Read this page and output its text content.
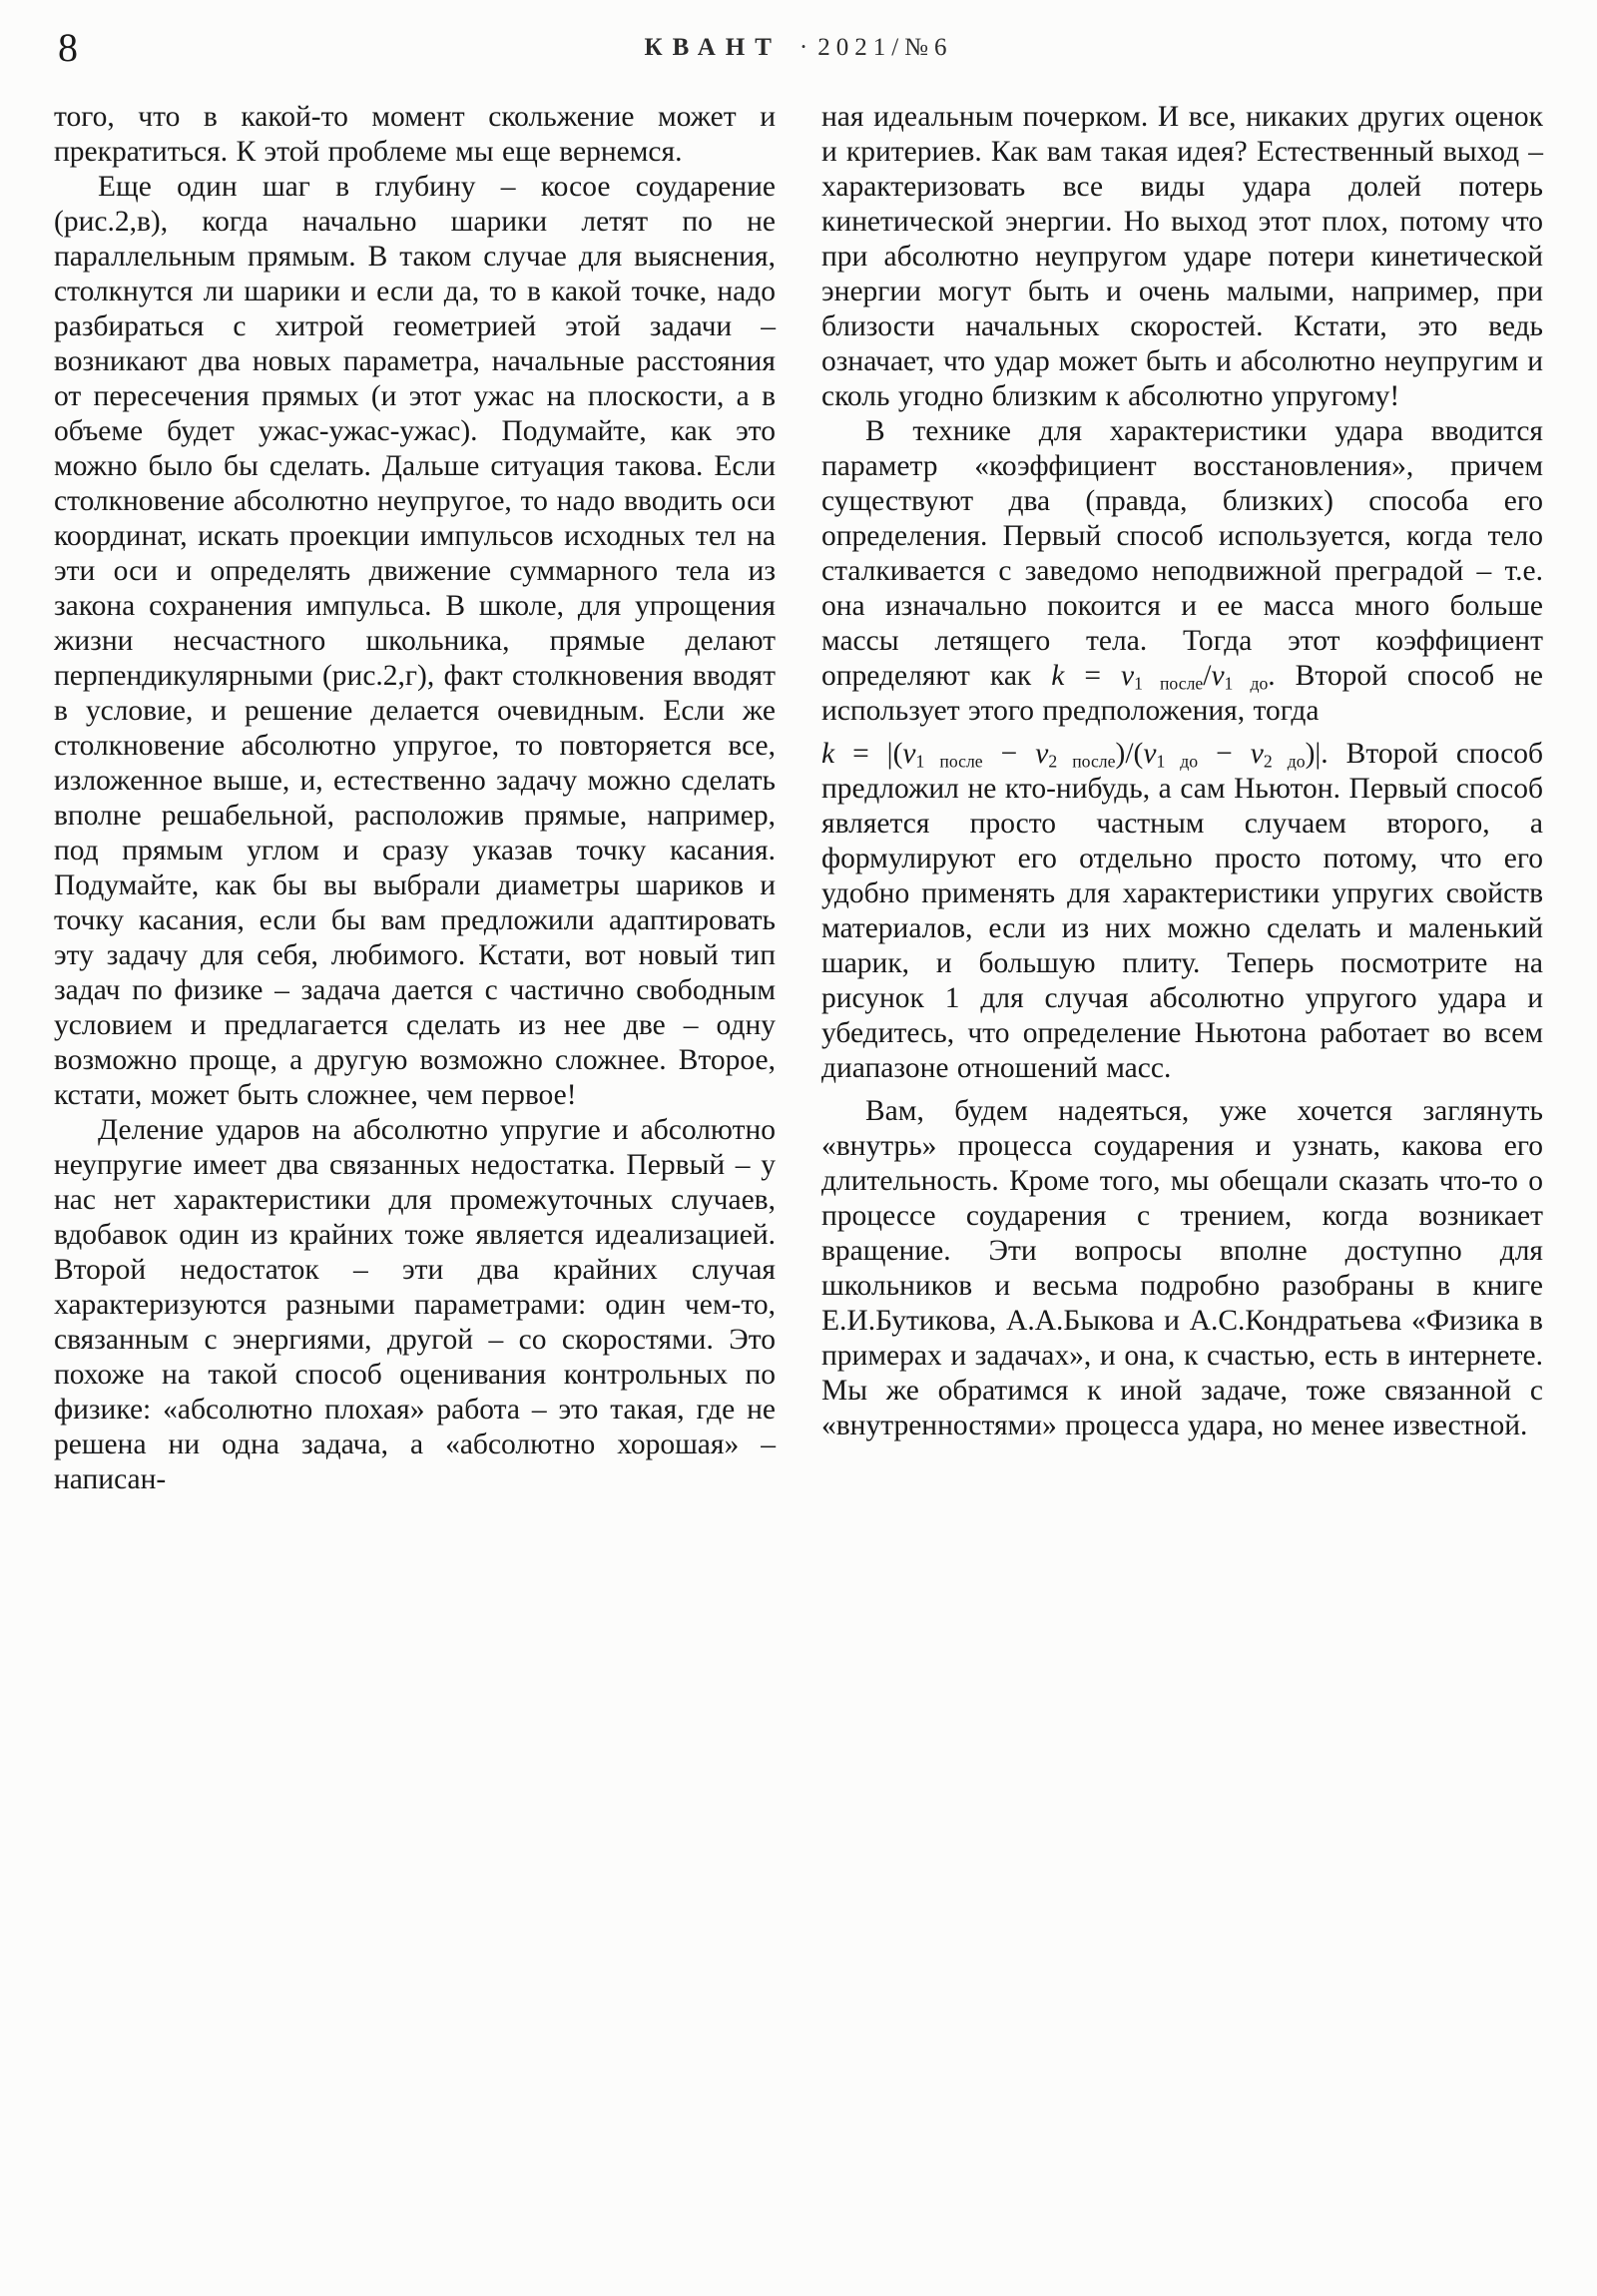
8	КВАНТ · 2021/№6

того, что в какой-то момент скольжение может и прекратиться. К этой проблеме мы еще вернемся.

Еще один шаг в глубину – косое соударение (рис.2,в), когда начально шарики летят по не параллельным прямым. В таком случае для выяснения, столкнутся ли шарики и если да, то в какой точке, надо разбираться с хитрой геометрией этой задачи – возникают два новых параметра, начальные расстояния от пересечения прямых (и этот ужас на плоскости, а в объеме будет ужас-ужас-ужас). Подумайте, как это можно было бы сделать. Дальше ситуация такова. Если столкновение абсолютно неупругое, то надо вводить оси координат, искать проекции импульсов исходных тел на эти оси и определять движение суммарного тела из закона сохранения импульса. В школе, для упрощения жизни несчастного школьника, прямые делают перпендикулярными (рис.2,г), факт столкновения вводят в условие, и решение делается очевидным. Если же столкновение абсолютно упругое, то повторяется все, изложенное выше, и, естественно задачу можно сделать вполне решабельной, расположив прямые, например, под прямым углом и сразу указав точку касания. Подумайте, как бы вы выбрали диаметры шариков и точку касания, если бы вам предложили адаптировать эту задачу для себя, любимого. Кстати, вот новый тип задач по физике – задача дается с частично свободным условием и предлагается сделать из нее две – одну возможно проще, а другую возможно сложнее. Второе, кстати, может быть сложнее, чем первое!

Деление ударов на абсолютно упругие и абсолютно неупругие имеет два связанных недостатка. Первый – у нас нет характеристики для промежуточных случаев, вдобавок один из крайних тоже является идеализацией. Второй недостаток – эти два крайних случая характеризуются разными параметрами: один чем-то, связанным с энергиями, другой – со скоростями. Это похоже на такой способ оценивания контрольных по физике: «абсолютно плохая» работа – это такая, где не решена ни одна задача, а «абсолютно хорошая» – написан-

ная идеальным почерком. И все, никаких других оценок и критериев. Как вам такая идея? Естественный выход – характеризовать все виды удара долей потерь кинетической энергии. Но выход этот плох, потому что при абсолютно неупругом ударе потери кинетической энергии могут быть и очень малыми, например, при близости начальных скоростей. Кстати, это ведь означает, что удар может быть и абсолютно неупругим и сколь угодно близким к абсолютно упругому!

В технике для характеристики удара вводится параметр «коэффициент восстановления», причем существуют два (правда, близких) способа его определения. Первый способ используется, когда тело сталкивается с заведомо неподвижной преградой – т.е. она изначально покоится и ее масса много больше массы летящего тела. Тогда этот коэффициент определяют как $k = v_{1 после}/v_{1 до}$. Второй способ не использует этого предположения, тогда

$k = |(v_{1 после} - v_{2 после})/(v_{1 до} - v_{2 до})|$. Второй способ предложил не кто-нибудь, а сам Ньютон. Первый способ является просто частным случаем второго, а формулируют его отдельно просто потому, что его удобно применять для характеристики упругих свойств материалов, если из них можно сделать и маленький шарик, и большую плиту. Теперь посмотрите на рисунок 1 для случая абсолютно упругого удара и убедитесь, что определение Ньютона работает во всем диапазоне отношений масс.

Вам, будем надеяться, уже хочется заглянуть «внутрь» процесса соударения и узнать, какова его длительность. Кроме того, мы обещали сказать что-то о процессе соударения с трением, когда возникает вращение. Эти вопросы вполне доступно для школьников и весьма подробно разобраны в книге Е.И.Бутикова, А.А.Быкова и А.С.Кондратьева «Физика в примерах и задачах», и она, к счастью, есть в интернете. Мы же обратимся к иной задаче, тоже связанной с «внутренностями» процесса удара, но менее известной.
